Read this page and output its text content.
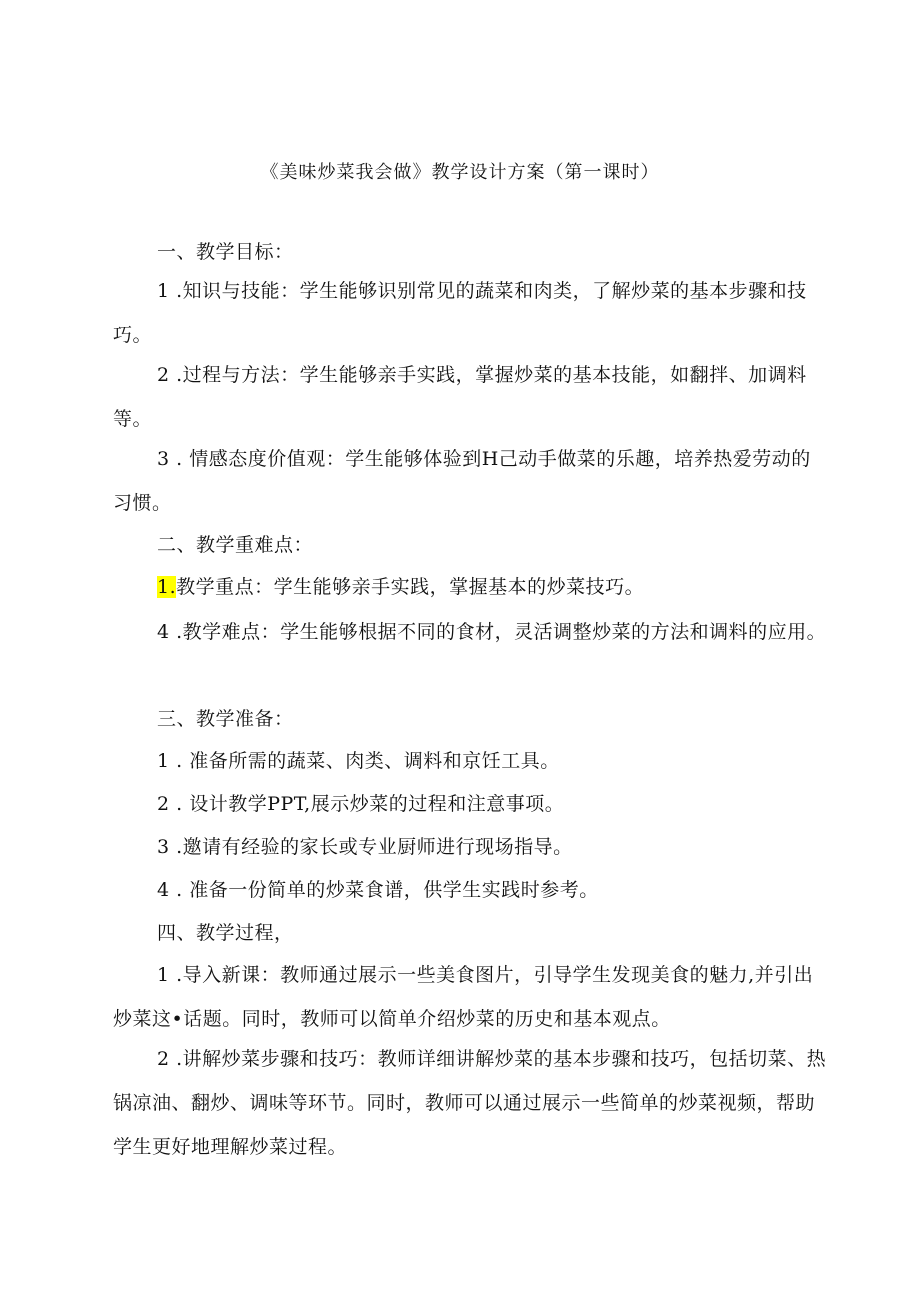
《美味炒菜我会做》教学设计方案（第一课时）

一、教学目标：

1 .知识与技能：学生能够识别常见的蔬菜和肉类，了解炒菜的基本步骤和技巧。

2 .过程与方法：学生能够亲手实践，掌握炒菜的基本技能，如翻拌、加调料等。

3 . 情感态度价值观：学生能够体验到H己动手做菜的乐趣，培养热爱劳动的习惯。

二、教学重难点：

1.教学重点：学生能够亲手实践，掌握基本的炒菜技巧。

4 .教学难点：学生能够根据不同的食材，灵活调整炒菜的方法和调料的应用。

三、教学准备：

1 . 准备所需的蔬菜、肉类、调料和京饪工具。

2 . 设计教学PPT,展示炒菜的过程和注意事项。

3 .邀请有经验的家长或专业厨师进行现场指导。

4 . 准备一份简单的炒菜食谱，供学生实践时参考。

四、教学过程，

1 .导入新课：教师通过展示一些美食图片，引导学生发现美食的魅力,并引出炒菜这•话题。同时，教师可以简单介绍炒菜的历史和基本观点。

2 .讲解炒菜步骤和技巧：教师详细讲解炒菜的基本步骤和技巧，包括切菜、热锅凉油、翻炒、调味等环节。同时，教师可以通过展示一些简单的炒菜视频，帮助学生更好地理解炒菜过程。
